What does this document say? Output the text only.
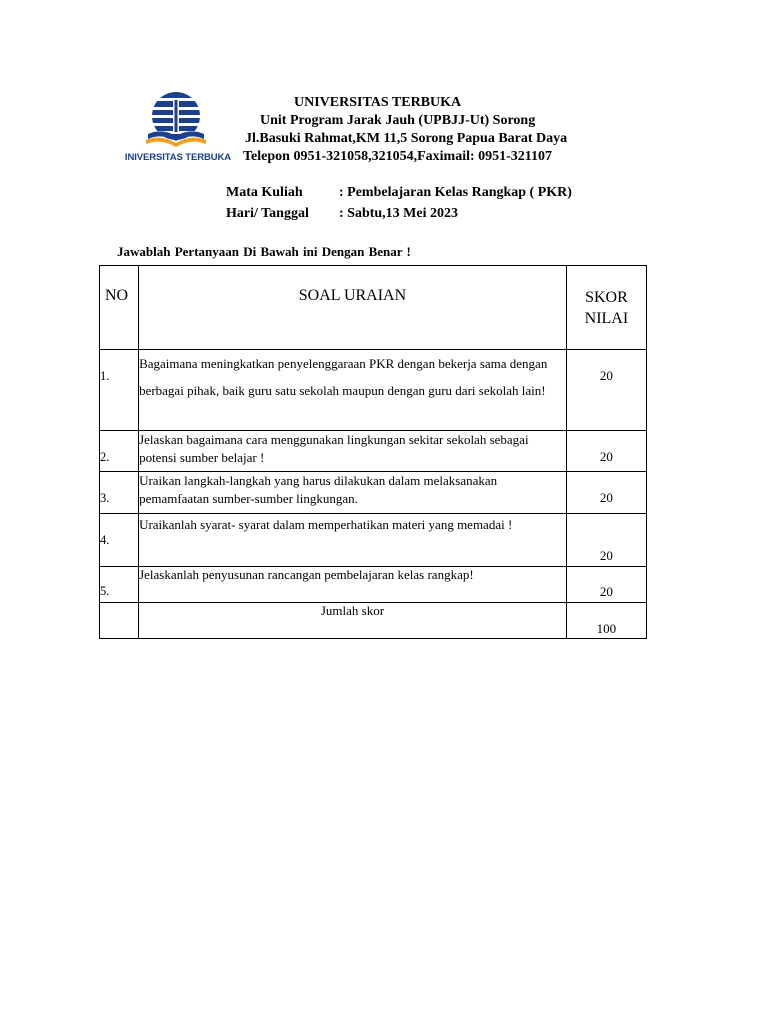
INIVERSITAS TERBUKA
UNIVERSITAS TERBUKA
Unit Program Jarak Jauh (UPBJJ-Ut) Sorong
Jl.Basuki Rahmat,KM 11,5 Sorong Papua Barat Daya
Telepon 0951-321058,321054,Faximail: 0951-321107
Mata Kuliah	: Pembelajaran Kelas Rangkap ( PKR)
Hari/ Tanggal : Sabtu,13 Mei 2023
Jawablah Pertanyaan Di Bawah ini Dengan Benar !
NO	SOAL URAIAN	SKOR
NILAI
1.	Bagaimana meningkatkan penyelenggaraan PKR dengan bekerja sama dengan berbagai pihak, baik guru satu sekolah maupun dengan guru dari sekolah lain!	20
2.	Jelaskan bagaimana cara menggunakan lingkungan sekitar sekolah sebagai potensi sumber belajar !	20
3.	Uraikan langkah-langkah yang harus dilakukan dalam melaksanakan pemamfaatan sumber-sumber lingkungan.	20
4.	Uraikanlah syarat- syarat dalam memperhatikan materi yang memadai !	20
5.	Jelaskanlah penyusunan rancangan pembelajaran kelas rangkap!	20
	Jumlah skor	100
